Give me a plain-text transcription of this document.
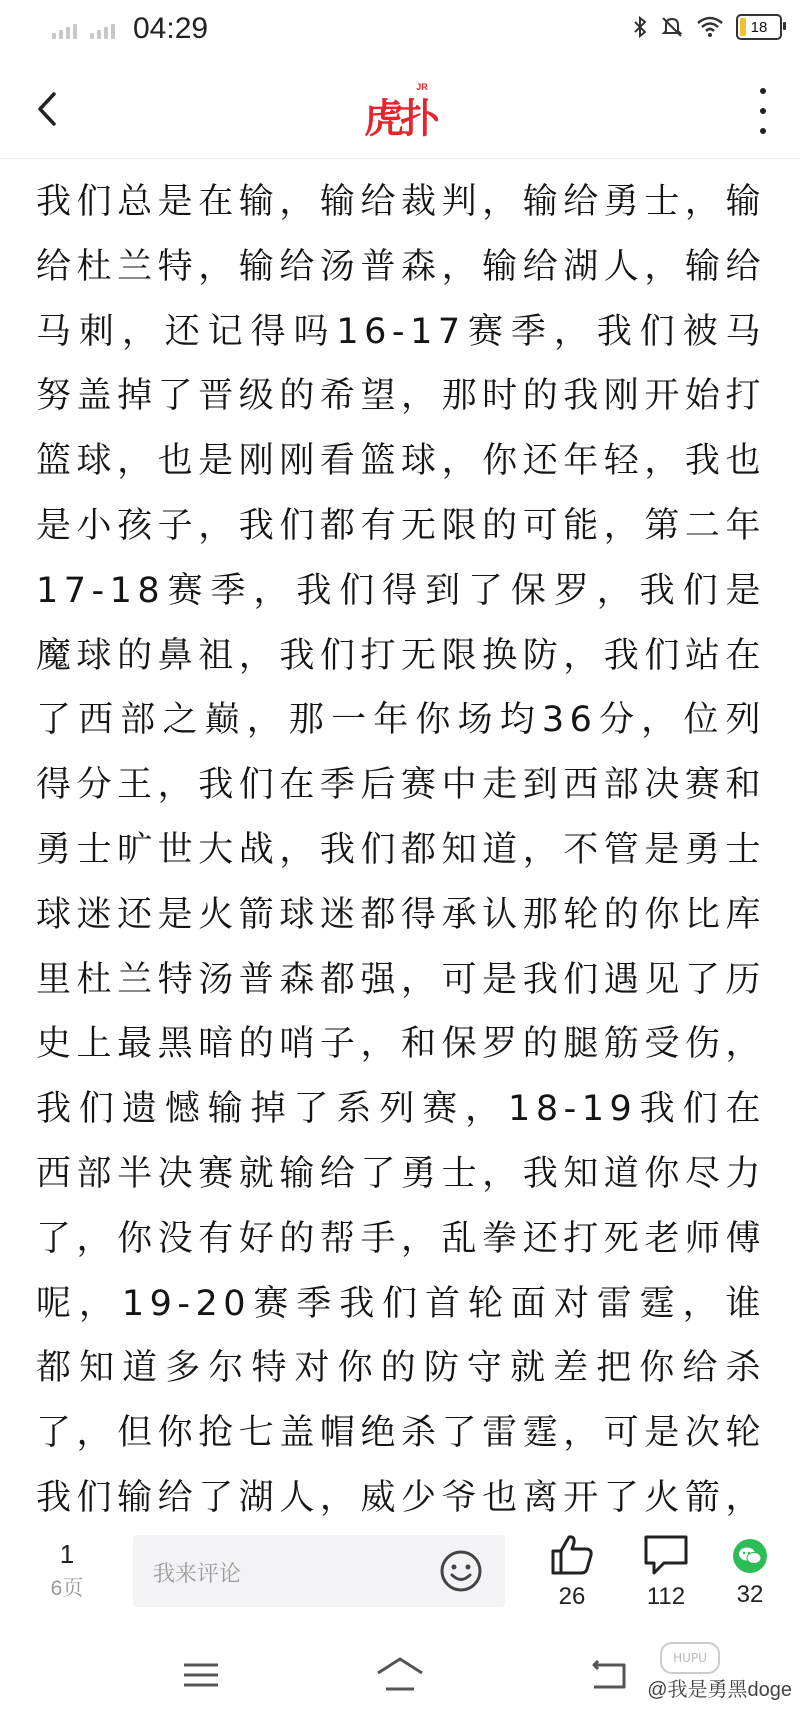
04:29	18
虎扑
JR

我们总是在输，输给裁判，输给勇士，输给杜兰特，输给汤普森，输给湖人，输给马刺，还记得吗16-17赛季，我们被马努盖掉了晋级的希望，那时的我刚开始打篮球，也是刚刚看篮球，你还年轻，我也是小孩子，我们都有无限的可能，第二年17-18赛季，我们得到了保罗，我们是魔球的鼻祖，我们打无限换防，我们站在了西部之巅，那一年你场均36分，位列得分王，我们在季后赛中走到西部决赛和勇士旷世大战，我们都知道，不管是勇士球迷还是火箭球迷都得承认那轮的你比库里杜兰特汤普森都强，可是我们遇见了历史上最黑暗的哨子，和保罗的腿筋受伤，我们遗憾输掉了系列赛，18-19我们在西部半决赛就输给了勇士，我知道你尽力了，你没有好的帮手，乱拳还打死老师傅呢，19-20赛季我们首轮面对雷霆，谁都知道多尔特对你的防守就差把你给杀了，但你抢七盖帽绝杀了雷霆，可是次轮我们输给了湖人，威少爷也离开了火箭，

1
6页
我来评论
26	112	32
HUPU
@我是勇黑doge
